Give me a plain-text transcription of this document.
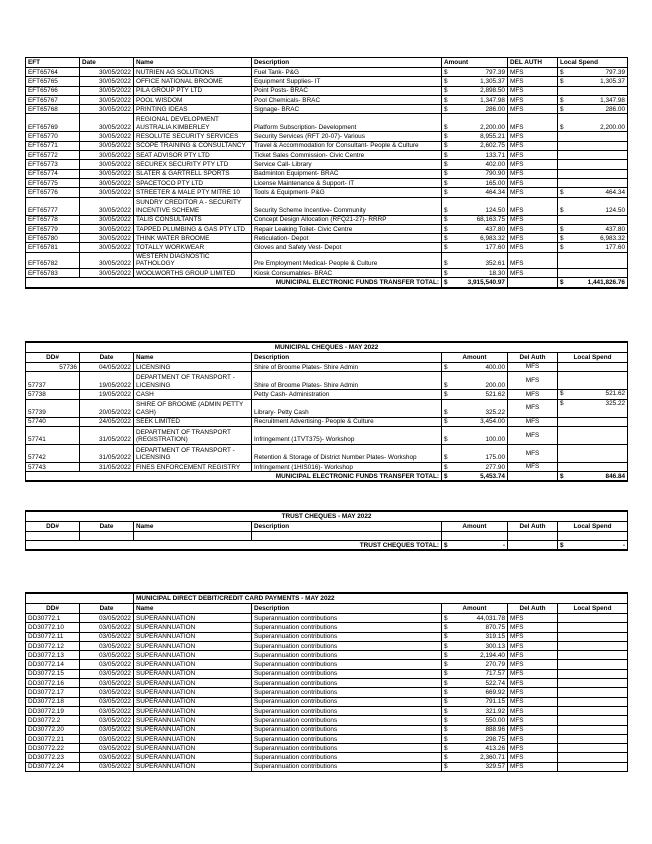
EFT	Date	Name	Description	Amount	DEL AUTH	Local Spend
EFT65764	30/05/2022	NUTRIEN AG SOLUTIONS	Fuel Tank- P&G	$ 797.39	MFS	$ 797.39

EFT65765	30/05/2022	OFFICE NATIONAL BROOME	Equipment Supplies- IT	$ 1,305.37	MFS	$ 1,305.37

EFT65766	30/05/2022	PILA GROUP PTY LTD	Point Posts- BRAC	$ 2,898.50	MFS	
EFT65767	30/05/2022	POOL WISDOM	Pool Chemicals- BRAC	$ 1,347.98	MFS	$ 1,347.98

EFT65768	30/05/2022	PRINTING IDEAS	Signage- BRAC	$ 286.00	MFS	$ 286.00

EFT65769	30/05/2022	REGIONAL DEVELOPMENT AUSTRALIA KIMBERLEY	Platform Subscription- Development	$ 2,200.00	MFS	$ 2,200.00

EFT65770	30/05/2022	RESOLUTE SECURITY SERVICES	Security Services (RFT 20-07)- Various	$ 8,955.21	MFS	
EFT65771	30/05/2022	SCOPE TRAINING & CONSULTANCY	Travel & Accommodation for Consultant- People & Culture	$ 2,602.75	MFS	
EFT65772	30/05/2022	SEAT ADVISOR PTY LTD	Ticket Sales Commission- Civic Centre	$ 133.71	MFS	
EFT65773	30/05/2022	SECUREX SECURITY PTY LTD	Service Call- Library	$ 402.00	MFS	
EFT65774	30/05/2022	SLATER & GARTRELL SPORTS	Badminton Equipment- BRAC	$ 790.90	MFS	
EFT65775	30/05/2022	SPACETOCO PTY LTD	License Maintenance & Support- IT	$ 165.00	MFS	
EFT65776	30/05/2022	STREETER & MALE PTY MITRE 10	Tools & Equipment- P&G	$ 464.34	MFS	$ 464.34

EFT65777	30/05/2022	SUNDRY CREDITOR A - SECURITY INCENTIVE SCHEME	Security Scheme Incentive- Community	$ 124.50	MFS	$ 124.50

EFT65778	30/05/2022	TALIS CONSULTANTS	Concept Design Allocation (RFQ21-27)- RRRP	$ 68,163.75	MFS	
EFT65779	30/05/2022	TAPPED PLUMBING & GAS PTY LTD	Repair Leaking Toilet- Civic Centre	$ 437.80	MFS	$ 437.80

EFT65780	30/05/2022	THINK WATER BROOME	Reticulation- Depot	$ 6,983.32	MFS	$ 6,983.32

EFT65781	30/05/2022	TOTALLY WORKWEAR	Gloves and Safety Vest- Depot	$ 177.60	MFS	$ 177.60

EFT65782	30/05/2022	WESTERN DIAGNOSTIC PATHOLOGY	Pre Employment Medical- People & Culture	$ 352.61	MFS	
EFT65783	30/05/2022	WOOLWORTHS GROUP LIMITED	Kiosk Consumables- BRAC	$ 18.30	MFS	
MUNICIPAL ELECTRONIC FUNDS TRANSFER TOTAL:				$ 3,915,540.97		$ 1,441,826.76
MUNICIPAL CHEQUES - MAY 2022						
DD#	Date	Name	Description	Amount	Del Auth	Local Spend
57736	04/05/2022	LICENSING	Shire of Broome Plates- Shire Admin	$ 400.00	MFS	
57737	19/05/2022	DEPARTMENT OF TRANSPORT - LICENSING	Shire of Broome Plates- Shire Admin	$ 200.00	MFS	
57738	19/05/2022	CASH	Petty Cash- Administration	$ 521.62	MFS	$ 521.62

57739	20/05/2022	SHIRE OF BROOME (ADMIN PETTY CASH)	Library- Petty Cash	$ 325.22	MFS	$ 325.22

57740	24/05/2022	SEEK LIMITED	Recruitment Advertising- People & Culture	$ 3,454.00	MFS	
57741	31/05/2022	DEPARTMENT OF TRANSPORT (REGISTRATION)	Infringement (1TVT375)- Workshop	$ 100.00	MFS	
57742	31/05/2022	DEPARTMENT OF TRANSPORT - LICENSING	Retention & Storage of District Number Plates- Workshop	$ 175.00	MFS	
57743	31/05/2022	FINES ENFORCEMENT REGISTRY	Infringement (1HIS016)- Workshop	$ 277.90	MFS	
MUNICIPAL ELECTRONIC FUNDS TRANSFER TOTAL:				$ 5,453.74		$ 846.84
TRUST CHEQUES - MAY 2022						
DD#	Date	Name	Description	Amount	Del Auth	Local Spend

TRUST CHEQUES TOTAL:				$ -		$ -
		MUNICIPAL DIRECT DEBIT/CREDIT CARD PAYMENTS - MAY 2022				
DD#	Date	Name	Description	Amount	Del Auth	Local Spend
DD30772.1	03/05/2022	SUPERANNUATION	Superannuation contributions	$ 44,031.78	MFS	
DD30772.10	03/05/2022	SUPERANNUATION	Superannuation contributions	$ 870.75	MFS	
DD30772.11	03/05/2022	SUPERANNUATION	Superannuation contributions	$ 319.15	MFS	
DD30772.12	03/05/2022	SUPERANNUATION	Superannuation contributions	$ 300.13	MFS	
DD30772.13	03/05/2022	SUPERANNUATION	Superannuation contributions	$ 2,194.40	MFS	
DD30772.14	03/05/2022	SUPERANNUATION	Superannuation contributions	$ 270.79	MFS	
DD30772.15	03/05/2022	SUPERANNUATION	Superannuation contributions	$ 717.57	MFS	
DD30772.16	03/05/2022	SUPERANNUATION	Superannuation contributions	$ 522.74	MFS	
DD30772.17	03/05/2022	SUPERANNUATION	Superannuation contributions	$ 669.92	MFS	
DD30772.18	03/05/2022	SUPERANNUATION	Superannuation contributions	$ 791.15	MFS	
DD30772.19	03/05/2022	SUPERANNUATION	Superannuation contributions	$ 321.92	MFS	
DD30772.2	03/05/2022	SUPERANNUATION	Superannuation contributions	$ 550.00	MFS	
DD30772.20	03/05/2022	SUPERANNUATION	Superannuation contributions	$ 888.96	MFS	
DD30772.21	03/05/2022	SUPERANNUATION	Superannuation contributions	$ 298.75	MFS	
DD30772.22	03/05/2022	SUPERANNUATION	Superannuation contributions	$ 413.26	MFS	
DD30772.23	03/05/2022	SUPERANNUATION	Superannuation contributions	$ 2,360.71	MFS	
DD30772.24	03/05/2022	SUPERANNUATION	Superannuation contributions	$ 329.57	MFS	
